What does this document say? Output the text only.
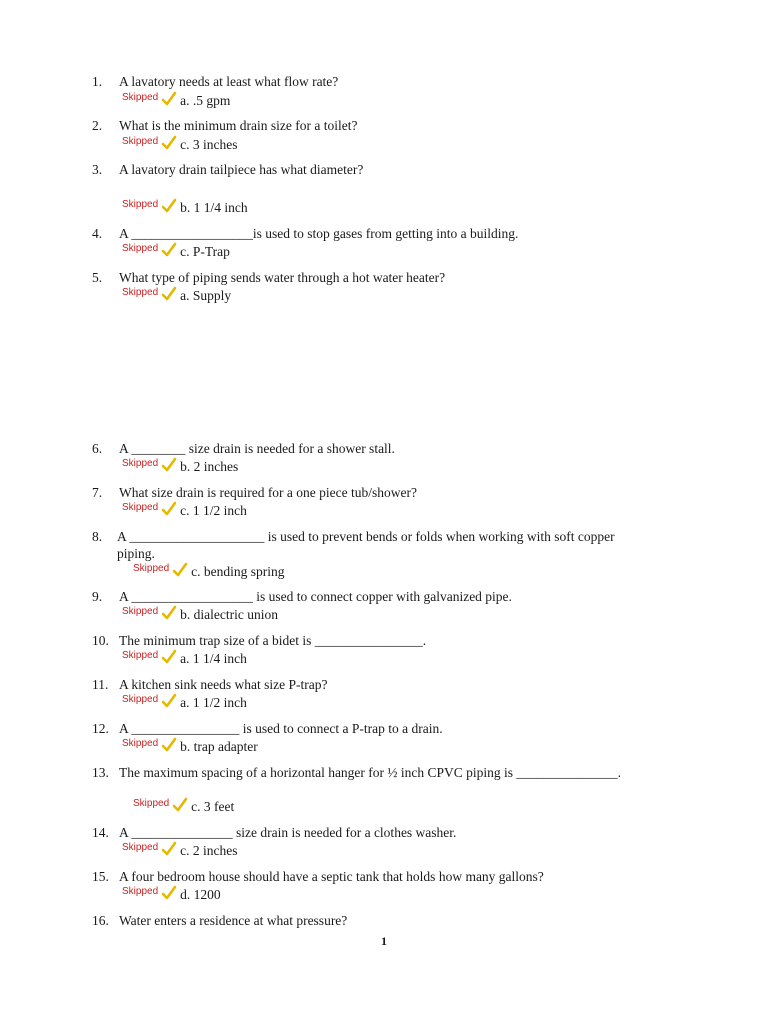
1.	A lavatory needs at least what flow rate?
Skipped a. .5 gpm
2.	What is the minimum drain size for a toilet?
Skipped c. 3 inches
3.	A lavatory drain tailpiece has what diameter?
Skipped b. 1 1/4 inch
4.	A __________________is used to stop gases from getting into a building.
Skipped c. P-Trap
5.	What type of piping sends water through a hot water heater?
Skipped a. Supply
6.	A ________ size drain is needed for a shower stall.
Skipped b. 2 inches
7.	What size drain is required for a one piece tub/shower?
Skipped c. 1 1/2 inch
8.	A ____________________ is used to prevent bends or folds when working with soft copper piping.
Skipped c. bending spring
9.	A __________________ is used to connect copper with galvanized pipe.
Skipped b. dialectric union
10. The minimum trap size of a bidet is ________________.
Skipped a. 1 1/4 inch
11. A kitchen sink needs what size P-trap?
Skipped a. 1 1/2 inch
12. A ________________ is used to connect a P-trap to a drain.
Skipped b. trap adapter
13. The maximum spacing of a horizontal hanger for ½ inch CPVC piping is _______________.
Skipped c. 3 feet
14. A _______________ size drain is needed for a clothes washer.
Skipped c. 2 inches
15. A four bedroom house should have a septic tank that holds how many gallons?
Skipped d. 1200
16. Water enters a residence at what pressure?
1
